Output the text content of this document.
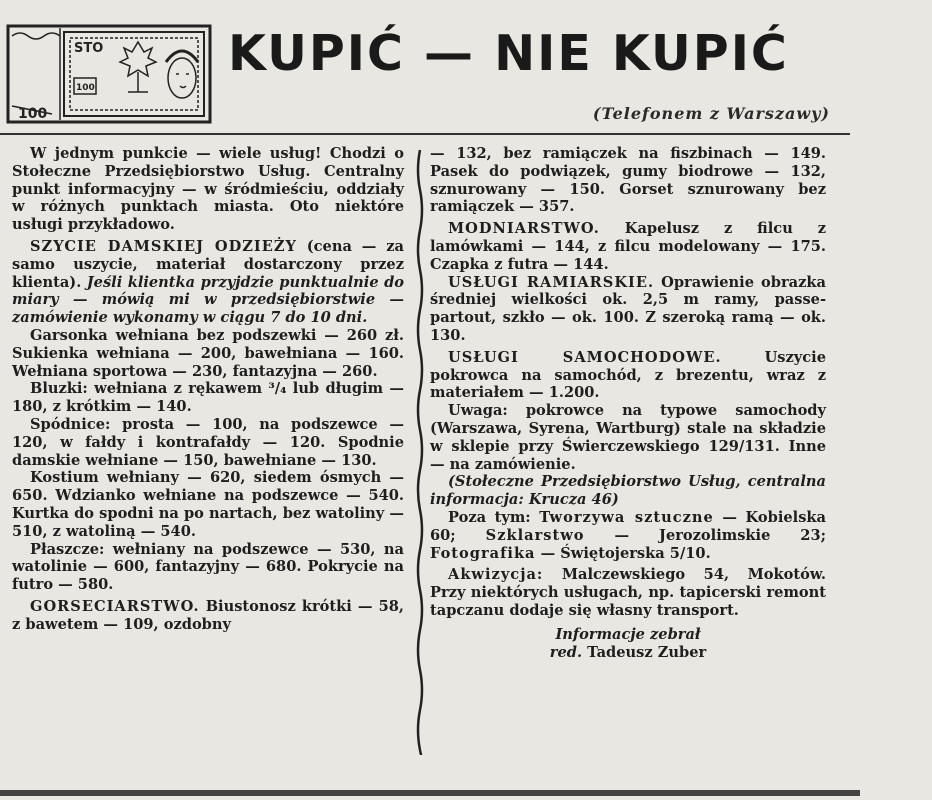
STO
100
100
KUPIĆ — NIE KUPIĆ
(Telefonem z Warszawy)

W jednym punkcie — wiele usług! Chodzi o Stołeczne Przedsiębiorstwo Usług. Centralny punkt informacyjny — w śródmieściu, oddziały w różnych punktach miasta. Oto niektóre usługi przykładowo.

SZYCIE DAMSKIEJ ODZIEŻY (cena — za samo uszycie, materiał dostarczony przez klienta). Jeśli klientka przyjdzie punktualnie do miary — mówią mi w przedsiębiorstwie — zamówienie wykonamy w ciągu 7 do 10 dni.

Garsonka wełniana bez podszewki — 260 zł. Sukienka wełniana — 200, bawełniana — 160. Wełniana sportowa — 230, fantazyjna — 260.

Bluzki: wełniana z rękawem ³/₄ lub długim — 180, z krótkim — 140.

Spódnice: prosta — 100, na podszewce — 120, w fałdy i kontrafałdy — 120. Spodnie damskie wełniane — 150, bawełniane — 130.

Kostium wełniany — 620, siedem ósmych — 650. Wdzianko wełniane na podszewce — 540. Kurtka do spodni na po nartach, bez watoliny — 510, z watoliną — 540.

Płaszcze: wełniany na podszewce — 530, na watolinie — 600, fantazyjny — 680. Pokrycie na futro — 580.

GORSECIARSTWO. Biustonosz krótki — 58, z bawetem — 109, ozdobny

— 132, bez ramiączek na fiszbinach — 149. Pasek do podwiązek, gumy biodrowe — 132, sznurowany — 150. Gorset sznurowany bez ramiączek — 357.

MODNIARSTWO. Kapelusz z filcu z lamówkami — 144, z filcu modelowany — 175. Czapka z futra — 144.

USŁUGI RAMIARSKIE. Oprawienie obrazka średniej wielkości ok. 2,5 m ramy, passe-partout, szkło — ok. 100. Z szeroką ramą — ok. 130.

USŁUGI SAMOCHODOWE. Uszycie pokrowca na samochód, z brezentu, wraz z materiałem — 1.200.

Uwaga: pokrowce na typowe samochody (Warszawa, Syrena, Wartburg) stale na składzie w sklepie przy Świerczewskiego 129/131. Inne — na zamówienie.

(Stołeczne Przedsiębiorstwo Usług, centralna informacja: Krucza 46)

Poza tym: Tworzywa sztuczne — Kobielska 60; Szklarstwo — Jerozolimskie 23; Fotografika — Świętojerska 5/10.

Akwizycja: Malczewskiego 54, Mokotów. Przy niektórych usługach, np. tapicerski remont tapczanu dodaje się własny transport.

Informacje zebrał

red. Tadeusz Zuber
